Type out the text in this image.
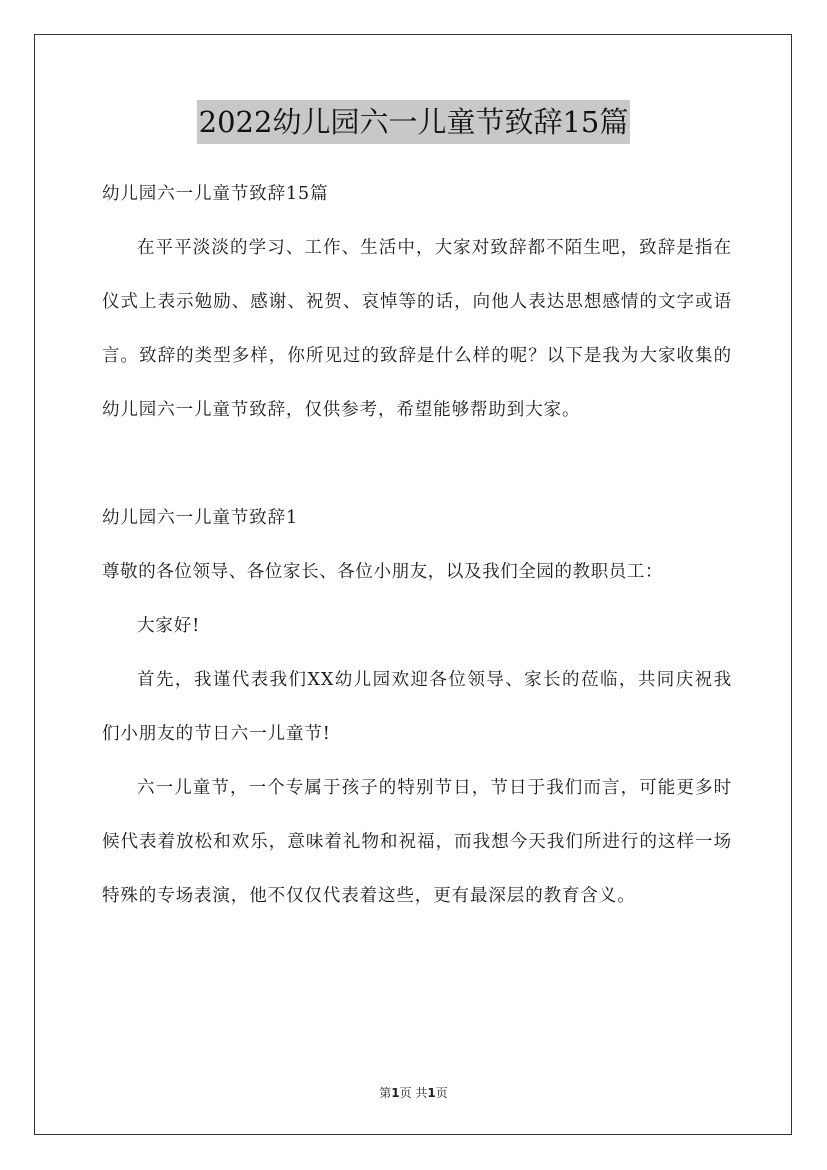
2022幼儿园六一儿童节致辞15篇

幼儿园六一儿童节致辞15篇

在平平淡淡的学习、工作、生活中，大家对致辞都不陌生吧，致辞是指在仪式上表示勉励、感谢、祝贺、哀悼等的话，向他人表达思想感情的文字或语言。致辞的类型多样，你所见过的致辞是什么样的呢？以下是我为大家收集的幼儿园六一儿童节致辞，仅供参考，希望能够帮助到大家。

幼儿园六一儿童节致辞1

尊敬的各位领导、各位家长、各位小朋友，以及我们全园的教职员工：

大家好!

首先，我谨代表我们XX幼儿园欢迎各位领导、家长的莅临，共同庆祝我们小朋友的节日六一儿童节!

六一儿童节，一个专属于孩子的特别节日，节日于我们而言，可能更多时候代表着放松和欢乐，意味着礼物和祝福，而我想今天我们所进行的这样一场特殊的专场表演，他不仅仅代表着这些，更有最深层的教育含义。

第1页 共1页
